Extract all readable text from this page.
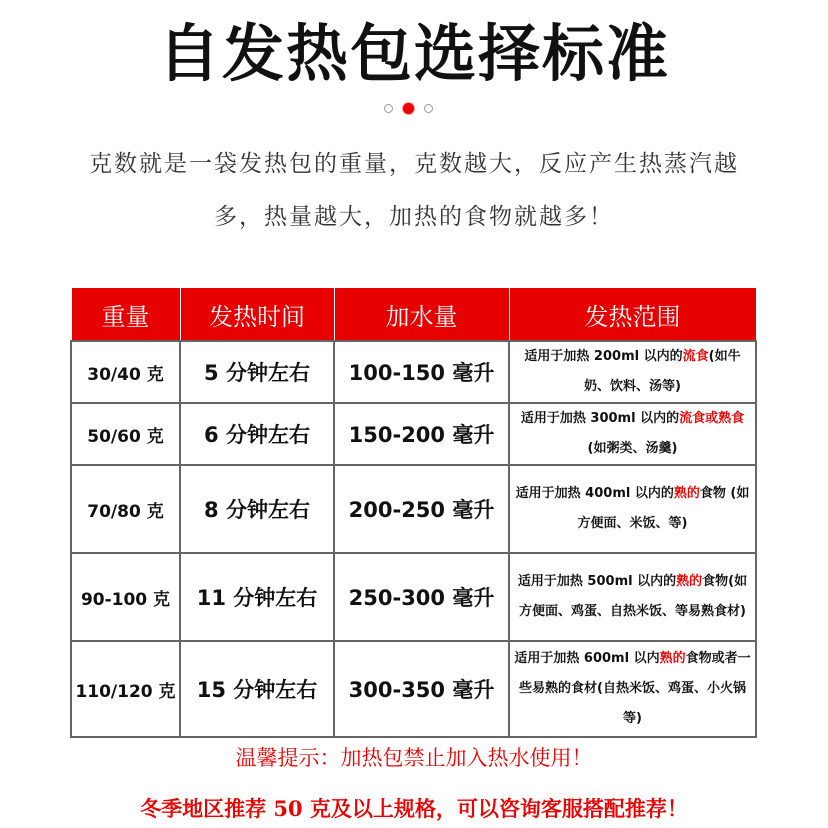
自发热包选择标准
克数就是一袋发热包的重量，克数越大，反应产生热蒸汽越
多，热量越大，加热的食物就越多！
重量	发热时间	加水量	发热范围
30/40 克	5 分钟左右	100-150 毫升	适用于加热 200ml 以内的流食(如牛奶、饮料、汤等)
50/60 克	6 分钟左右	150-200 毫升	适用于加热 300ml 以内的流食或熟食(如粥类、汤羹)
70/80 克	8 分钟左右	200-250 毫升	适用于加热 400ml 以内的熟的食物 (如方便面、米饭、等)
90-100 克	11 分钟左右	250-300 毫升	适用于加热 500ml 以内的熟的食物(如方便面、鸡蛋、自热米饭、等易熟食材)
110/120 克	15 分钟左右	300-350 毫升	适用于加热 600ml 以内熟的食物或者一些易熟的食材(自热米饭、鸡蛋、小火锅等)
温馨提示：加热包禁止加入热水使用！
冬季地区推荐 50 克及以上规格，可以咨询客服搭配推荐！
